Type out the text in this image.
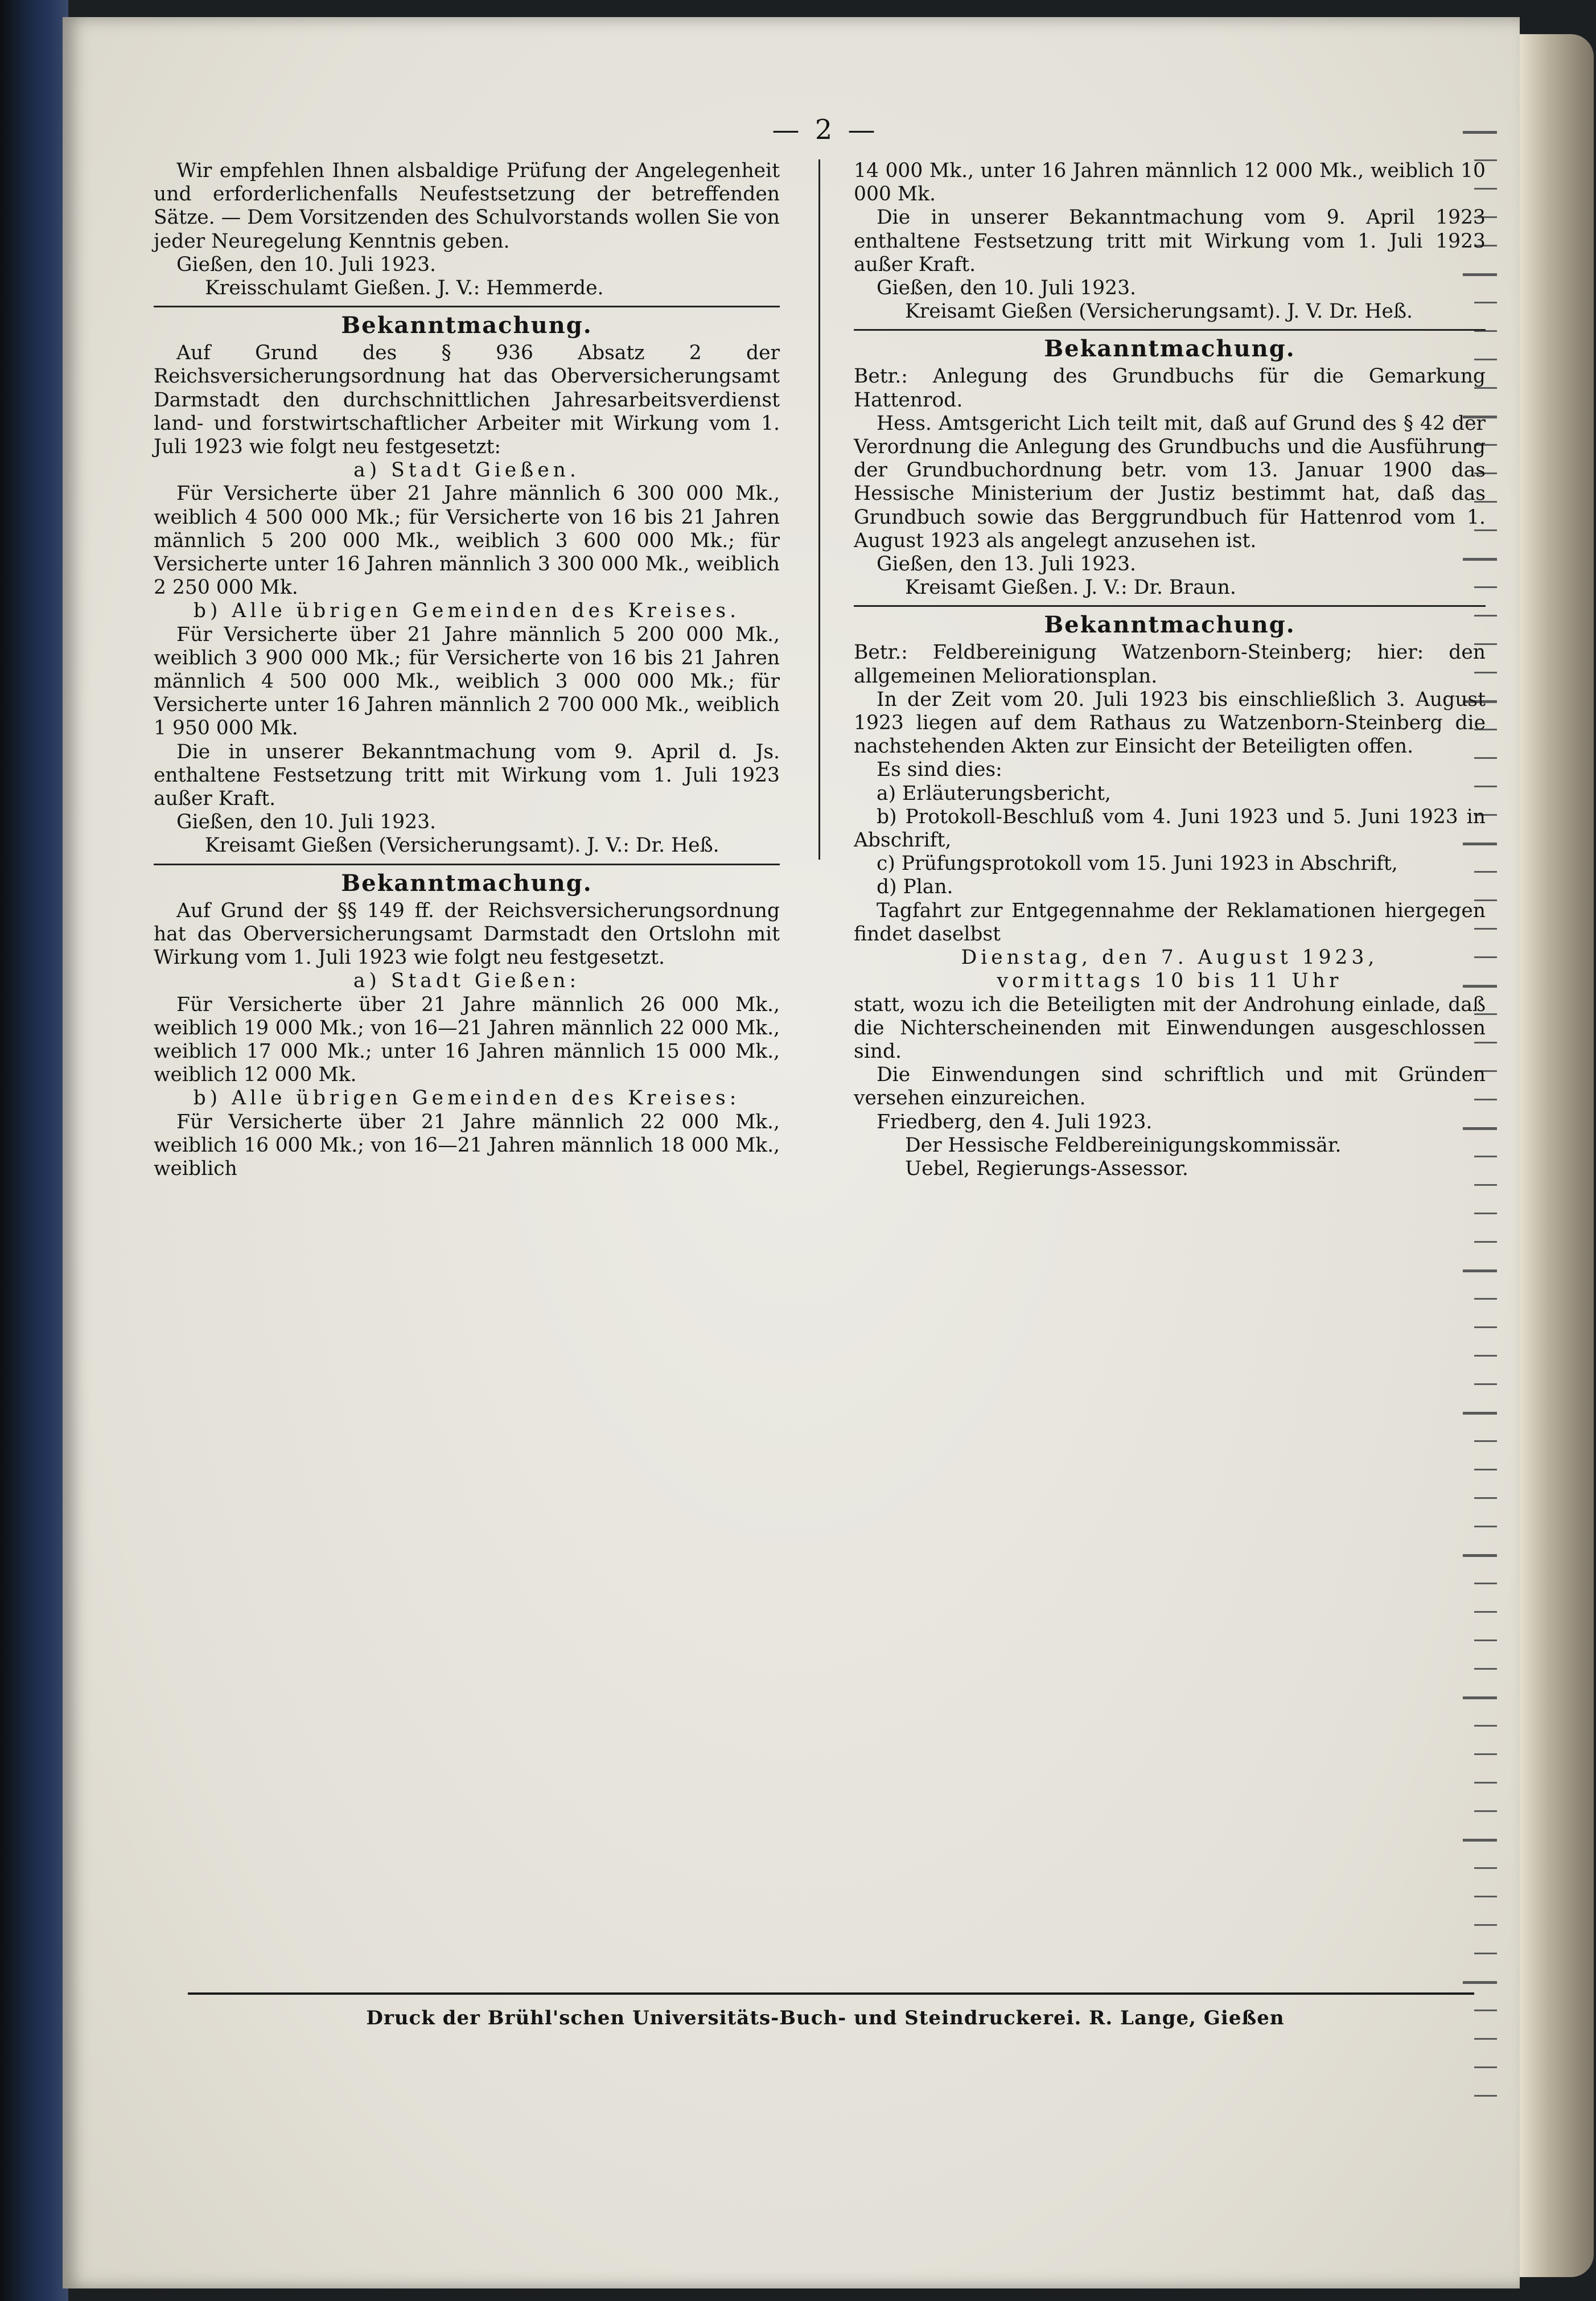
— 2 —

Wir empfehlen Ihnen alsbaldige Prüfung der Angelegenheit und erforderlichenfalls Neufestsetzung der betreffenden Sätze. — Dem Vorsitzenden des Schulvorstands wollen Sie von jeder Neuregelung Kenntnis geben.

Gießen, den 10. Juli 1923.

Kreisschulamt Gießen. J. V.: Hemmerde.

Bekanntmachung.

Auf Grund des § 936 Absatz 2 der Reichsversicherungsordnung hat das Oberversicherungsamt Darmstadt den durchschnittlichen Jahresarbeitsverdienst land- und forstwirtschaftlicher Arbeiter mit Wirkung vom 1. Juli 1923 wie folgt neu festgesetzt:

a) Stadt Gießen.

Für Versicherte über 21 Jahre männlich 6 300 000 Mk., weiblich 4 500 000 Mk.; für Versicherte von 16 bis 21 Jahren männlich 5 200 000 Mk., weiblich 3 600 000 Mk.; für Versicherte unter 16 Jahren männlich 3 300 000 Mk., weiblich 2 250 000 Mk.

b) Alle übrigen Gemeinden des Kreises.

Für Versicherte über 21 Jahre männlich 5 200 000 Mk., weiblich 3 900 000 Mk.; für Versicherte von 16 bis 21 Jahren männlich 4 500 000 Mk., weiblich 3 000 000 Mk.; für Versicherte unter 16 Jahren männlich 2 700 000 Mk., weiblich 1 950 000 Mk.

Die in unserer Bekanntmachung vom 9. April d. Js. enthaltene Festsetzung tritt mit Wirkung vom 1. Juli 1923 außer Kraft.

Gießen, den 10. Juli 1923.

Kreisamt Gießen (Versicherungsamt). J. V.: Dr. Heß.

Bekanntmachung.

Auf Grund der §§ 149 ff. der Reichsversicherungsordnung hat das Oberversicherungsamt Darmstadt den Ortslohn mit Wirkung vom 1. Juli 1923 wie folgt neu festgesetzt.

a) Stadt Gießen:

Für Versicherte über 21 Jahre männlich 26 000 Mk., weiblich 19 000 Mk.; von 16—21 Jahren männlich 22 000 Mk., weiblich 17 000 Mk.; unter 16 Jahren männlich 15 000 Mk., weiblich 12 000 Mk.

b) Alle übrigen Gemeinden des Kreises:

Für Versicherte über 21 Jahre männlich 22 000 Mk., weiblich 16 000 Mk.; von 16—21 Jahren männlich 18 000 Mk., weiblich

14 000 Mk., unter 16 Jahren männlich 12 000 Mk., weiblich 10 000 Mk.

Die in unserer Bekanntmachung vom 9. April 1923 enthaltene Festsetzung tritt mit Wirkung vom 1. Juli 1923 außer Kraft.

Gießen, den 10. Juli 1923.

Kreisamt Gießen (Versicherungsamt). J. V. Dr. Heß.

Bekanntmachung.

Betr.: Anlegung des Grundbuchs für die Gemarkung Hattenrod.

Hess. Amtsgericht Lich teilt mit, daß auf Grund des § 42 der Verordnung die Anlegung des Grundbuchs und die Ausführung der Grundbuchordnung betr. vom 13. Januar 1900 das Hessische Ministerium der Justiz bestimmt hat, daß das Grundbuch sowie das Berggrundbuch für Hattenrod vom 1. August 1923 als angelegt anzusehen ist.

Gießen, den 13. Juli 1923.

Kreisamt Gießen. J. V.: Dr. Braun.

Bekanntmachung.

Betr.: Feldbereinigung Watzenborn-Steinberg; hier: den allgemeinen Meliorationsplan.

In der Zeit vom 20. Juli 1923 bis einschließlich 3. August 1923 liegen auf dem Rathaus zu Watzenborn-Steinberg die nachstehenden Akten zur Einsicht der Beteiligten offen.

Es sind dies:

a) Erläuterungsbericht,

b) Protokoll-Beschluß vom 4. Juni 1923 und 5. Juni 1923 in Abschrift,

c) Prüfungsprotokoll vom 15. Juni 1923 in Abschrift,

d) Plan.

Tagfahrt zur Entgegennahme der Reklamationen hiergegen findet daselbst

Dienstag, den 7. August 1923,
vormittags 10 bis 11 Uhr

statt, wozu ich die Beteiligten mit der Androhung einlade, daß die Nichterscheinenden mit Einwendungen ausgeschlossen sind.

Die Einwendungen sind schriftlich und mit Gründen versehen einzureichen.

Friedberg, den 4. Juli 1923.

Der Hessische Feldbereinigungskommissär.

Uebel, Regierungs-Assessor.

Druck der Brühl'schen Universitäts-Buch- und Steindruckerei. R. Lange, Gießen
